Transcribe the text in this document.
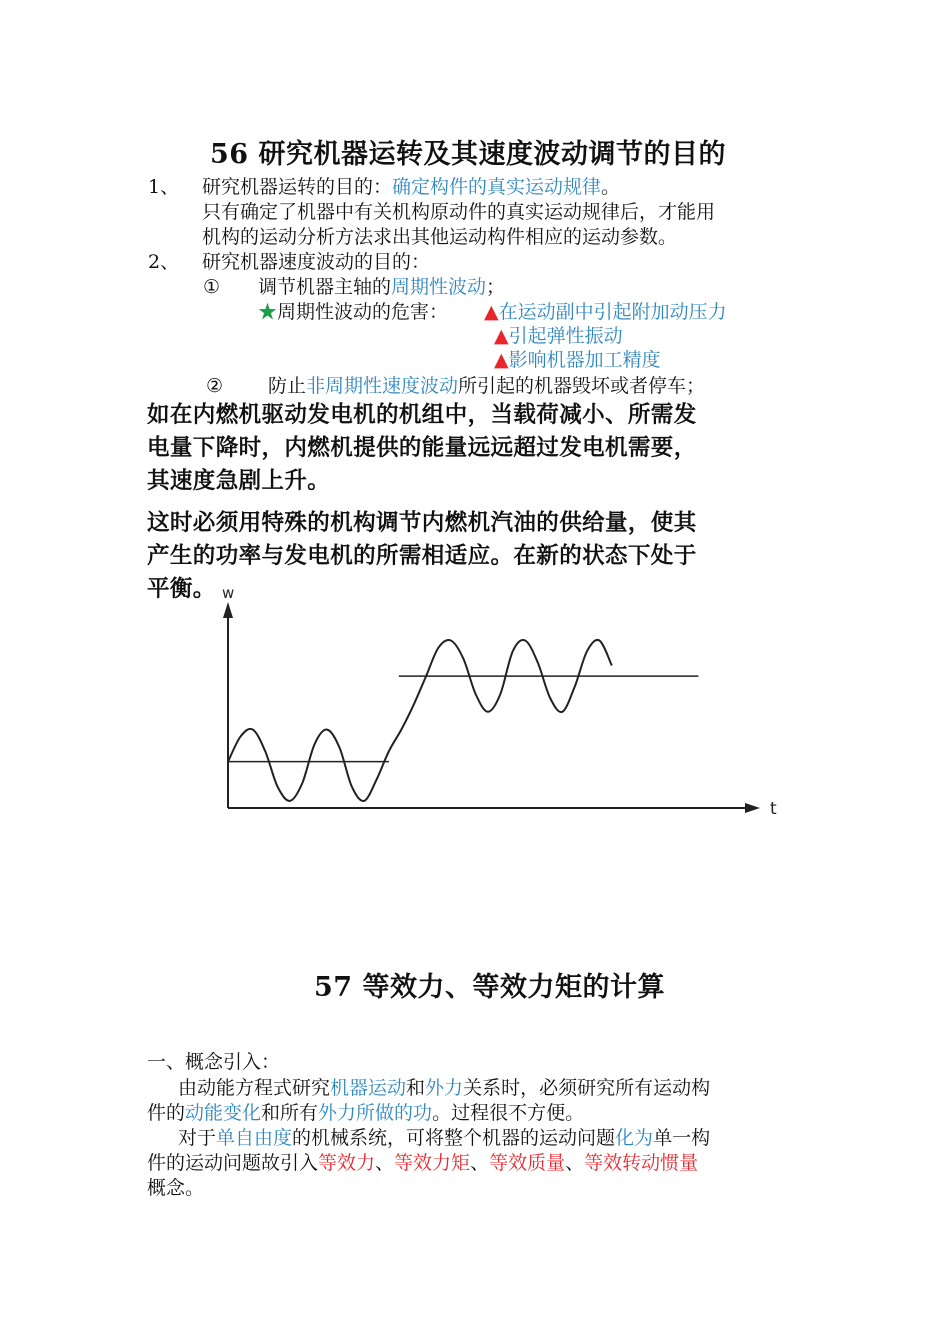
56 研究机器运转及其速度波动调节的目的
1、 研究机器运转的目的：确定构件的真实运动规律。
只有确定了机器中有关机构原动件的真实运动规律后，才能用
机构的运动分析方法求出其他运动构件相应的运动参数。
2、 研究机器速度波动的目的：
① 调节机器主轴的周期性波动；
★周期性波动的危害： ▲在运动副中引起附加动压力
▲引起弹性振动
▲影响机器加工精度
② 防止非周期性速度波动所引起的机器毁坏或者停车；
如在内燃机驱动发电机的机组中，当载荷减小、所需发
电量下降时，内燃机提供的能量远远超过发电机需要，
其速度急剧上升。
这时必须用特殊的机构调节内燃机汽油的供给量，使其
产生的功率与发电机的所需相适应。在新的状态下处于
平衡。 w
t
57 等效力、等效力矩的计算
一、概念引入：
由动能方程式研究机器运动和外力关系时，必须研究所有运动构
件的动能变化和所有外力所做的功。过程很不方便。
对于单自由度的机械系统，可将整个机器的运动问题化为单一构
件的运动问题故引入等效力、等效力矩、等效质量、等效转动惯量
概念。
